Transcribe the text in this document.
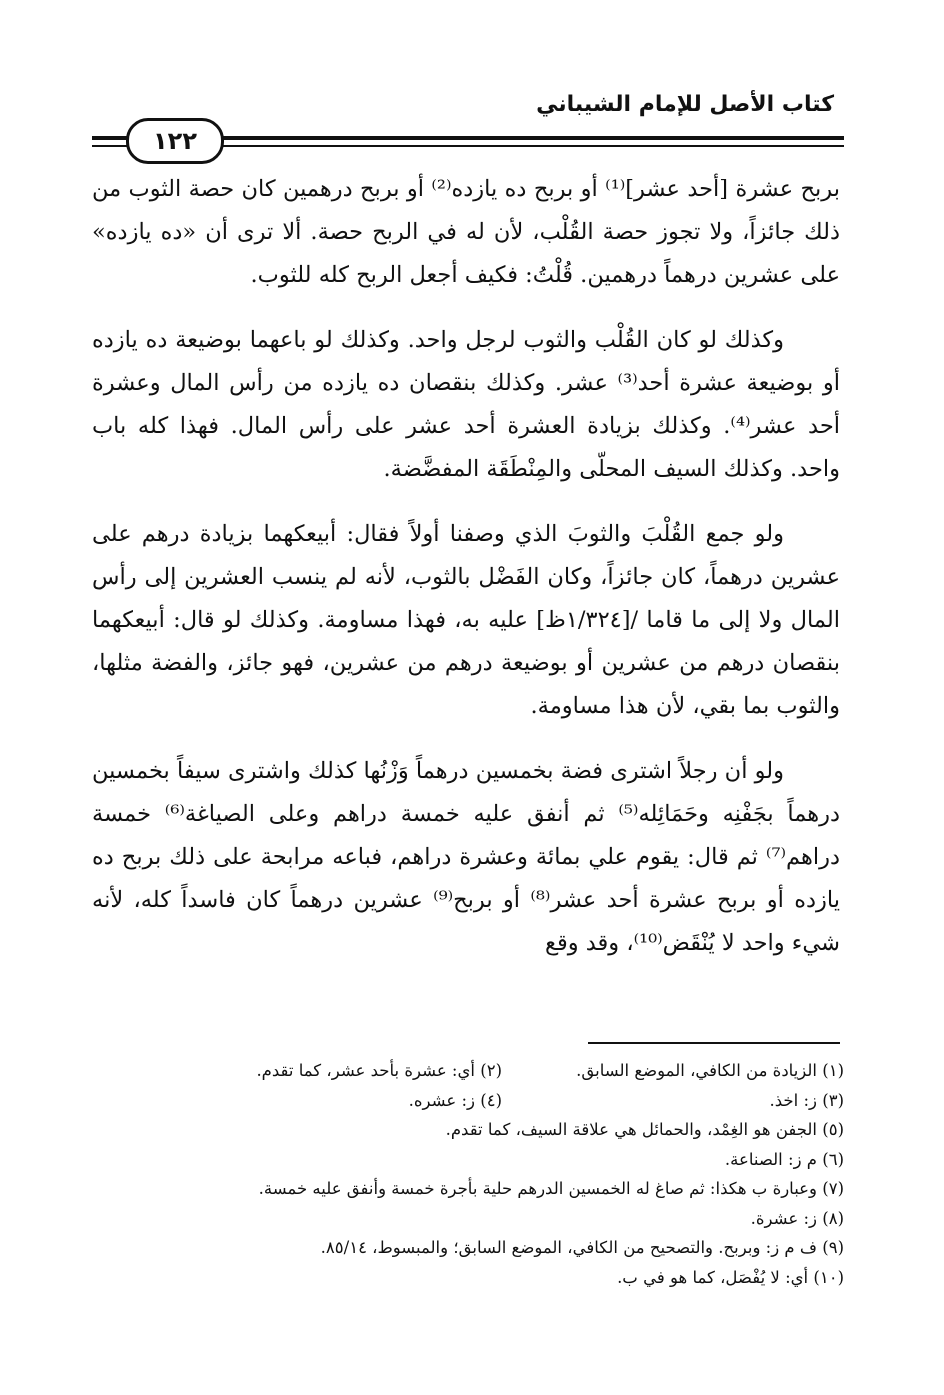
كتاب الأصل للإمام الشيباني
١٢٢

بربح عشرة [أحد عشر]⁽¹⁾ أو بربح ده يازده⁽²⁾ أو بربح درهمين كان حصة الثوب من ذلك جائزاً، ولا تجوز حصة القُلْب، لأن له في الربح حصة. ألا ترى أن «ده يازده» على عشرين درهماً درهمين. قُلْتُ: فكيف أجعل الربح كله للثوب.

وكذلك لو كان القُلْب والثوب لرجل واحد. وكذلك لو باعهما بوضيعة ده يازده أو بوضيعة عشرة أحد⁽³⁾ عشر. وكذلك بنقصان ده يازده من رأس المال وعشرة أحد عشر⁽⁴⁾. وكذلك بزيادة العشرة أحد عشر على رأس المال. فهذا كله باب واحد. وكذلك السيف المحلّى والمِنْطَقَة المفضَّضة.

ولو جمع القُلْبَ والثوبَ الذي وصفنا أولاً فقال: أبيعكهما بزيادة درهم على عشرين درهماً، كان جائزاً، وكان الفَضْل بالثوب، لأنه لم ينسب العشرين إلى رأس المال ولا إلى ما قاما /[١/٣٢٤ظ] عليه به، فهذا مساومة. وكذلك لو قال: أبيعكهما بنقصان درهم من عشرين أو بوضيعة درهم من عشرين، فهو جائز، والفضة مثلها، والثوب بما بقي، لأن هذا مساومة.

ولو أن رجلاً اشترى فضة بخمسين درهماً وَزْنُها كذلك واشترى سيفاً بخمسين درهماً بجَفْنِه وحَمَائِله⁽⁵⁾ ثم أنفق عليه خمسة دراهم وعلى الصياغة⁽⁶⁾ خمسة دراهم⁽⁷⁾ ثم قال: يقوم علي بمائة وعشرة دراهم، فباعه مرابحة على ذلك بربح ده يازده أو بربح عشرة أحد عشر⁽⁸⁾ أو بربح⁽⁹⁾ عشرين درهماً كان فاسداً كله، لأنه شيء واحد لا يُنْقَض⁽¹⁰⁾، وقد وقع

(١) الزيادة من الكافي، الموضع السابق.
(٢) أي: عشرة بأحد عشر، كما تقدم.
(٣) ز: اخذ.
(٤) ز: عشره.
(٥) الجفن هو الغِمْد، والحمائل هي علاقة السيف، كما تقدم.
(٦) م ز: الصناعة.
(٧) وعبارة ب هكذا: ثم صاغ له الخمسين الدرهم حلية بأجرة خمسة وأنفق عليه خمسة.
(٨) ز: عشرة.
(٩) ف م ز: وبربح. والتصحيح من الكافي، الموضع السابق؛ والمبسوط، ٨٥/١٤.
(١٠) أي: لا يُفْصَل، كما هو في ب.
